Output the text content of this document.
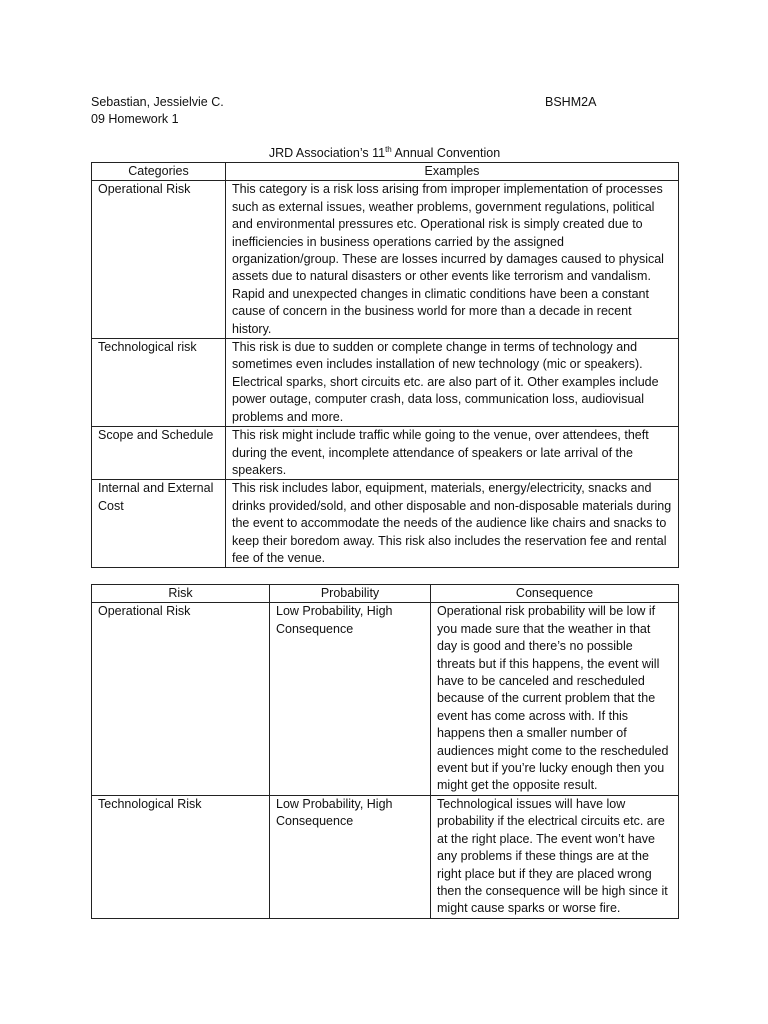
Sebastian, Jessielvie C.
09 Homework 1
BSHM2A
JRD Association’s 11th Annual Convention
Categories	Examples
Operational Risk	This category is a risk loss arising from improper implementation of processes such as external issues, weather problems, government regulations, political and environmental pressures etc. Operational risk is simply created due to inefficiencies in business operations carried by the assigned organization/group. These are losses incurred by damages caused to physical assets due to natural disasters or other events like terrorism and vandalism. Rapid and unexpected changes in climatic conditions have been a constant cause of concern in the business world for more than a decade in recent history.
Technological risk	This risk is due to sudden or complete change in terms of technology and sometimes even includes installation of new technology (mic or speakers). Electrical sparks, short circuits etc. are also part of it. Other examples include power outage, computer crash, data loss, communication loss, audiovisual problems and more.
Scope and Schedule	This risk might include traffic while going to the venue, over attendees, theft during the event, incomplete attendance of speakers or late arrival of the speakers.
Internal and External Cost	This risk includes labor, equipment, materials, energy/electricity, snacks and drinks provided/sold, and other disposable and non-disposable materials during the event to accommodate the needs of the audience like chairs and snacks to keep their boredom away. This risk also includes the reservation fee and rental fee of the venue.
Risk	Probability	Consequence
Operational Risk	Low Probability, High Consequence	Operational risk probability will be low if you made sure that the weather in that day is good and there’s no possible threats but if this happens, the event will have to be canceled and rescheduled because of the current problem that the event has come across with. If this happens then a smaller number of audiences might come to the rescheduled event but if you’re lucky enough then you might get the opposite result.
Technological Risk	Low Probability, High Consequence	Technological issues will have low probability if the electrical circuits etc. are at the right place. The event won’t have any problems if these things are at the right place but if they are placed wrong then the consequence will be high since it might cause sparks or worse fire.
